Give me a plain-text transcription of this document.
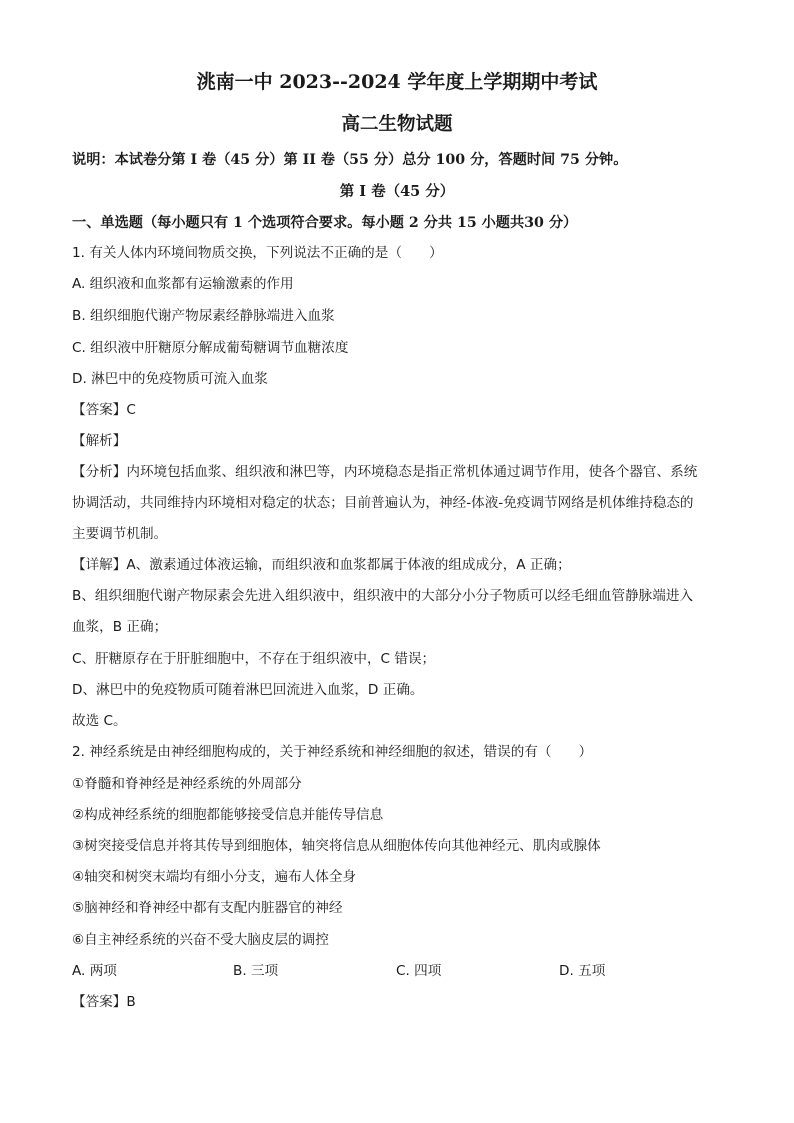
洮南一中 2023--2024 学年度上学期期中考试
高二生物试题
说明：本试卷分第 I 卷（45 分）第 II 卷（55 分）总分 100 分，答题时间 75 分钟。
第 I 卷（45 分）
一、单选题（每小题只有 1 个选项符合要求。每小题 2 分共 15 小题共30 分）
1. 有关人体内环境间物质交换，下列说法不正确的是（　　）
A. 组织液和血浆都有运输激素的作用
B. 组织细胞代谢产物尿素经静脉端进入血浆
C. 组织液中肝糖原分解成葡萄糖调节血糖浓度
D. 淋巴中的免疫物质可流入血浆
【答案】C
【解析】
【分析】内环境包括血浆、组织液和淋巴等，内环境稳态是指正常机体通过调节作用，使各个器官、系统
协调活动，共同维持内环境相对稳定的状态；目前普遍认为，神经-体液-免疫调节网络是机体维持稳态的
主要调节机制。
【详解】A、激素通过体液运输，而组织液和血浆都属于体液的组成成分，A 正确；
B、组织细胞代谢产物尿素会先进入组织液中，组织液中的大部分小分子物质可以经毛细血管静脉端进入
血浆，B 正确；
C、肝糖原存在于肝脏细胞中，不存在于组织液中，C 错误；
D、淋巴中的免疫物质可随着淋巴回流进入血浆，D 正确。
故选 C。
2. 神经系统是由神经细胞构成的，关于神经系统和神经细胞的叙述，错误的有（　　）
①脊髓和脊神经是神经系统的外周部分
②构成神经系统的细胞都能够接受信息并能传导信息
③树突接受信息并将其传导到细胞体，轴突将信息从细胞体传向其他神经元、肌肉或腺体
④轴突和树突末端均有细小分支，遍布人体全身
⑤脑神经和脊神经中都有支配内脏器官的神经
⑥自主神经系统的兴奋不受大脑皮层的调控
A. 两项	B. 三项	C. 四项	D. 五项
【答案】B
